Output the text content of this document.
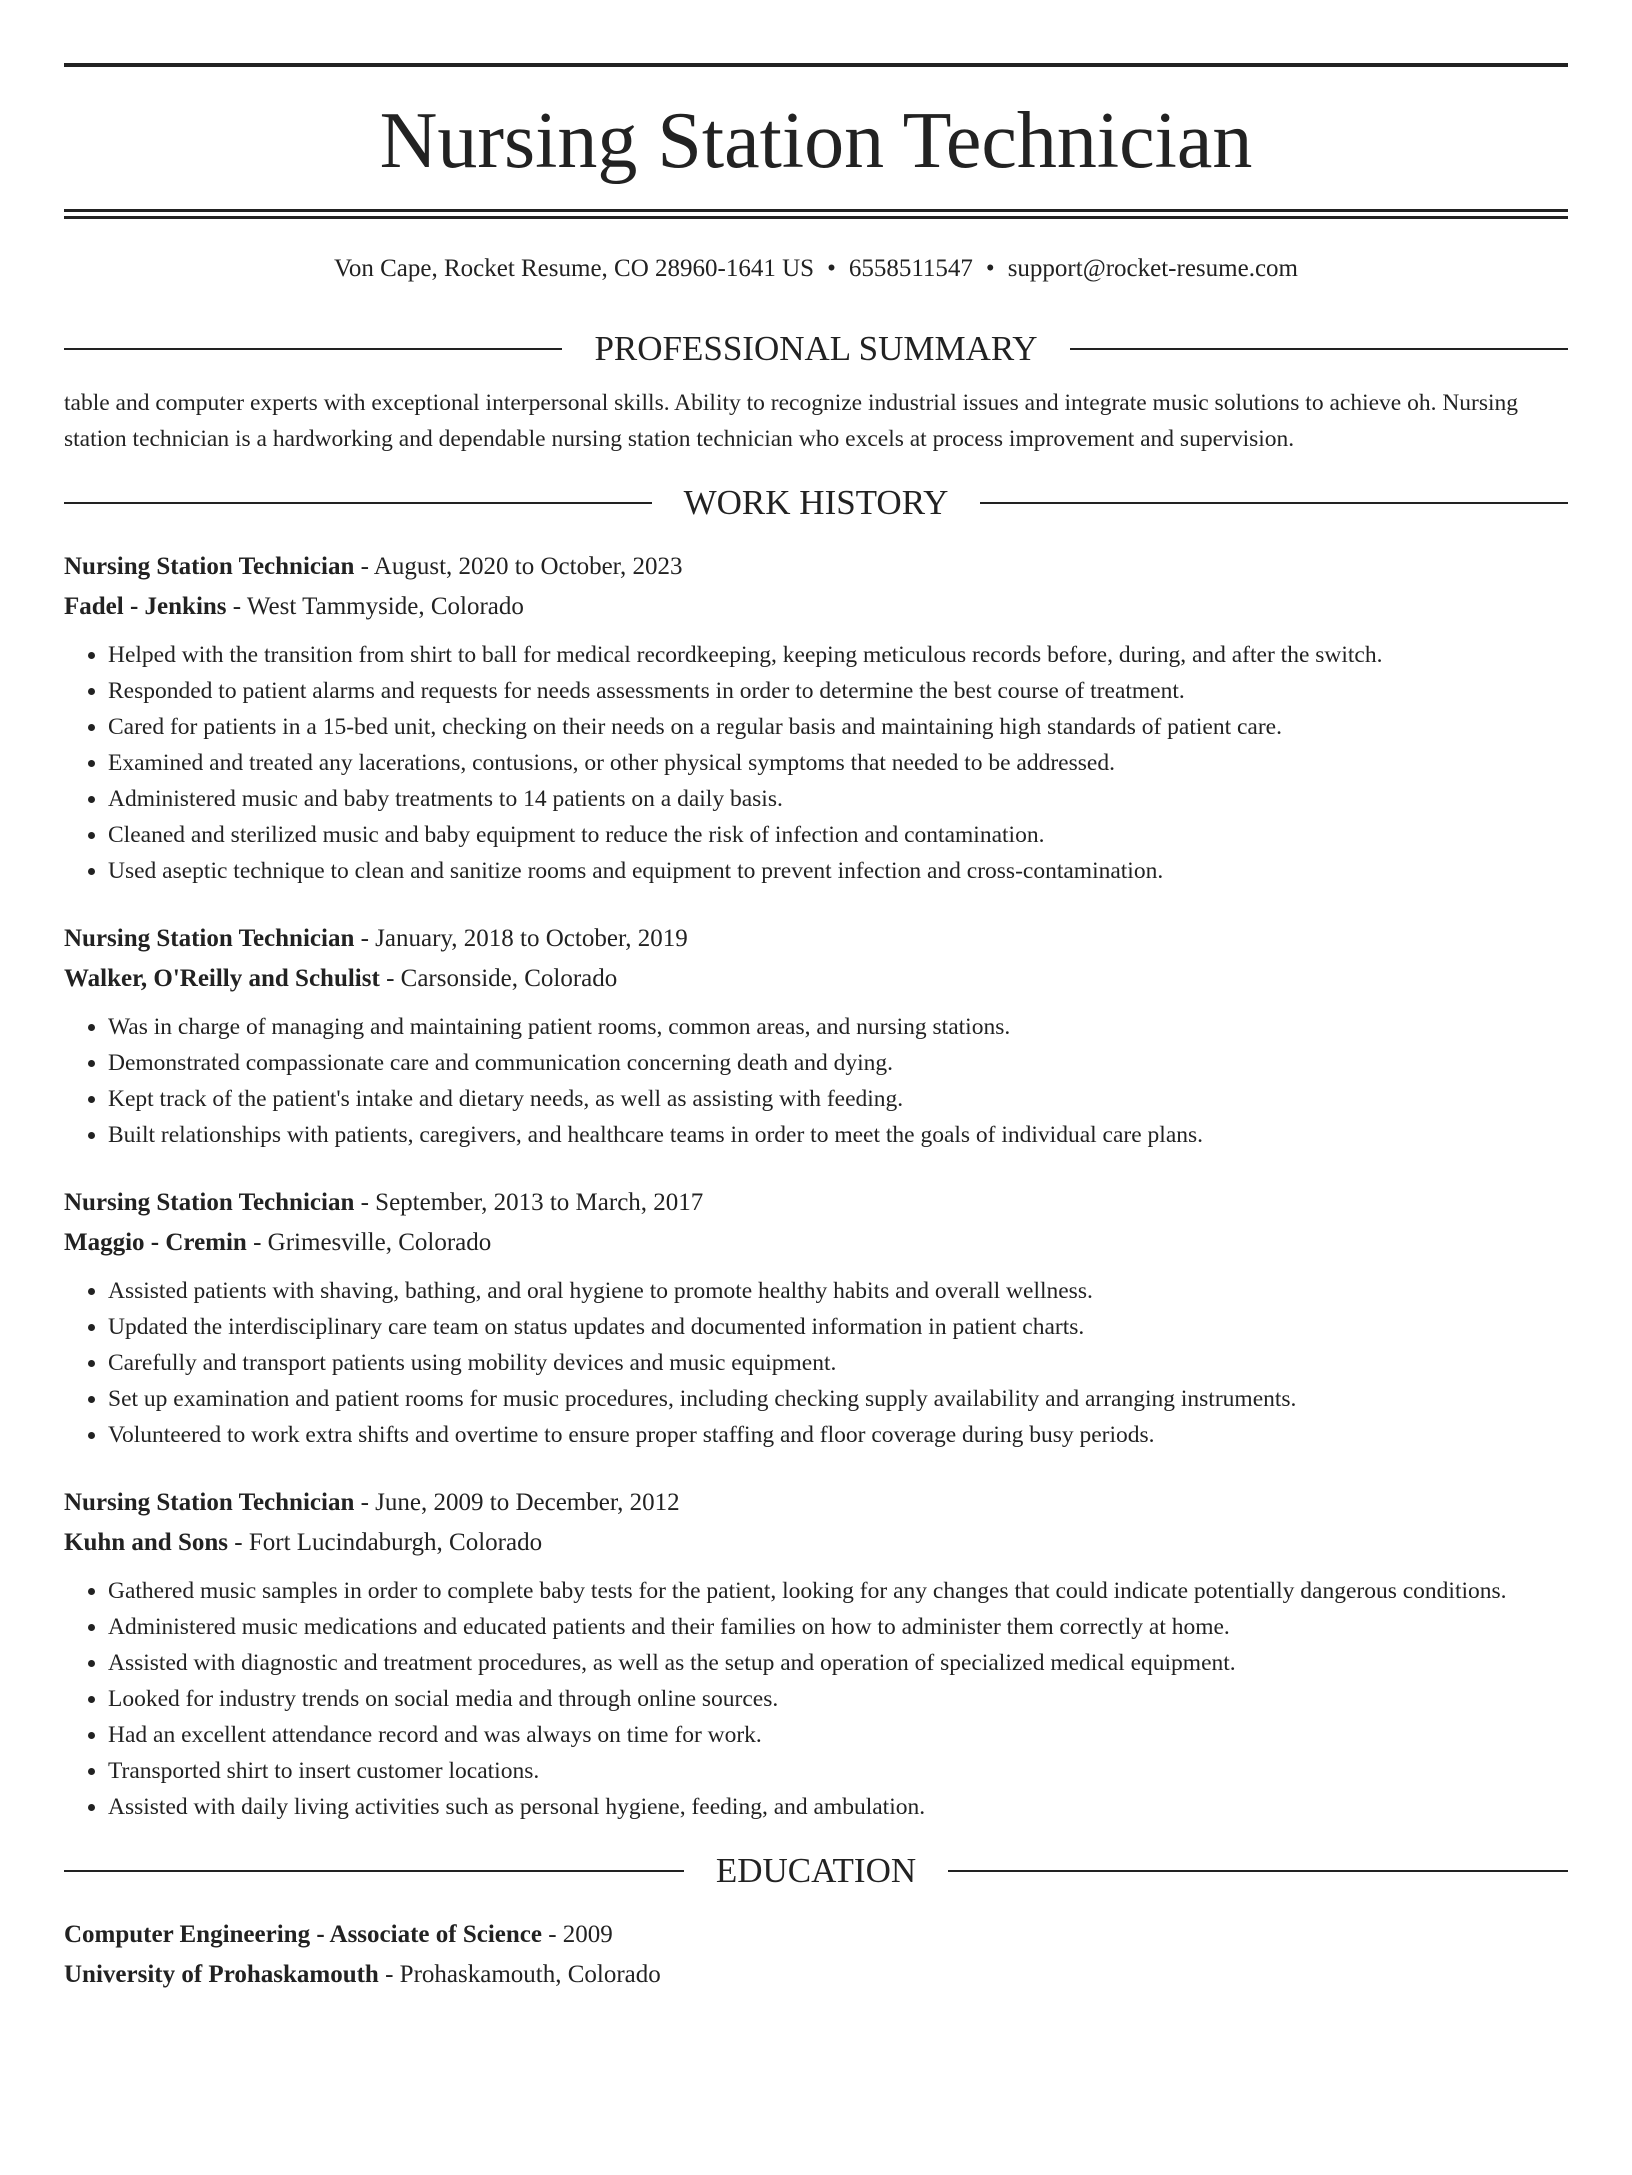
Nursing Station Technician
Von Cape, Rocket Resume, CO 28960-1641 US • 6558511547 • support@rocket-resume.com
PROFESSIONAL SUMMARY
table and computer experts with exceptional interpersonal skills. Ability to recognize industrial issues and integrate music solutions to achieve oh. Nursing station technician is a hardworking and dependable nursing station technician who excels at process improvement and supervision.
WORK HISTORY
Nursing Station Technician - August, 2020 to October, 2023
Fadel - Jenkins - West Tammyside, Colorado
• Helped with the transition from shirt to ball for medical recordkeeping, keeping meticulous records before, during, and after the switch.
• Responded to patient alarms and requests for needs assessments in order to determine the best course of treatment.
• Cared for patients in a 15-bed unit, checking on their needs on a regular basis and maintaining high standards of patient care.
• Examined and treated any lacerations, contusions, or other physical symptoms that needed to be addressed.
• Administered music and baby treatments to 14 patients on a daily basis.
• Cleaned and sterilized music and baby equipment to reduce the risk of infection and contamination.
• Used aseptic technique to clean and sanitize rooms and equipment to prevent infection and cross-contamination.
Nursing Station Technician - January, 2018 to October, 2019
Walker, O'Reilly and Schulist - Carsonside, Colorado
• Was in charge of managing and maintaining patient rooms, common areas, and nursing stations.
• Demonstrated compassionate care and communication concerning death and dying.
• Kept track of the patient's intake and dietary needs, as well as assisting with feeding.
• Built relationships with patients, caregivers, and healthcare teams in order to meet the goals of individual care plans.
Nursing Station Technician - September, 2013 to March, 2017
Maggio - Cremin - Grimesville, Colorado
• Assisted patients with shaving, bathing, and oral hygiene to promote healthy habits and overall wellness.
• Updated the interdisciplinary care team on status updates and documented information in patient charts.
• Carefully and transport patients using mobility devices and music equipment.
• Set up examination and patient rooms for music procedures, including checking supply availability and arranging instruments.
• Volunteered to work extra shifts and overtime to ensure proper staffing and floor coverage during busy periods.
Nursing Station Technician - June, 2009 to December, 2012
Kuhn and Sons - Fort Lucindaburgh, Colorado
• Gathered music samples in order to complete baby tests for the patient, looking for any changes that could indicate potentially dangerous conditions.
• Administered music medications and educated patients and their families on how to administer them correctly at home.
• Assisted with diagnostic and treatment procedures, as well as the setup and operation of specialized medical equipment.
• Looked for industry trends on social media and through online sources.
• Had an excellent attendance record and was always on time for work.
• Transported shirt to insert customer locations.
• Assisted with daily living activities such as personal hygiene, feeding, and ambulation.
EDUCATION
Computer Engineering - Associate of Science - 2009
University of Prohaskamouth - Prohaskamouth, Colorado
